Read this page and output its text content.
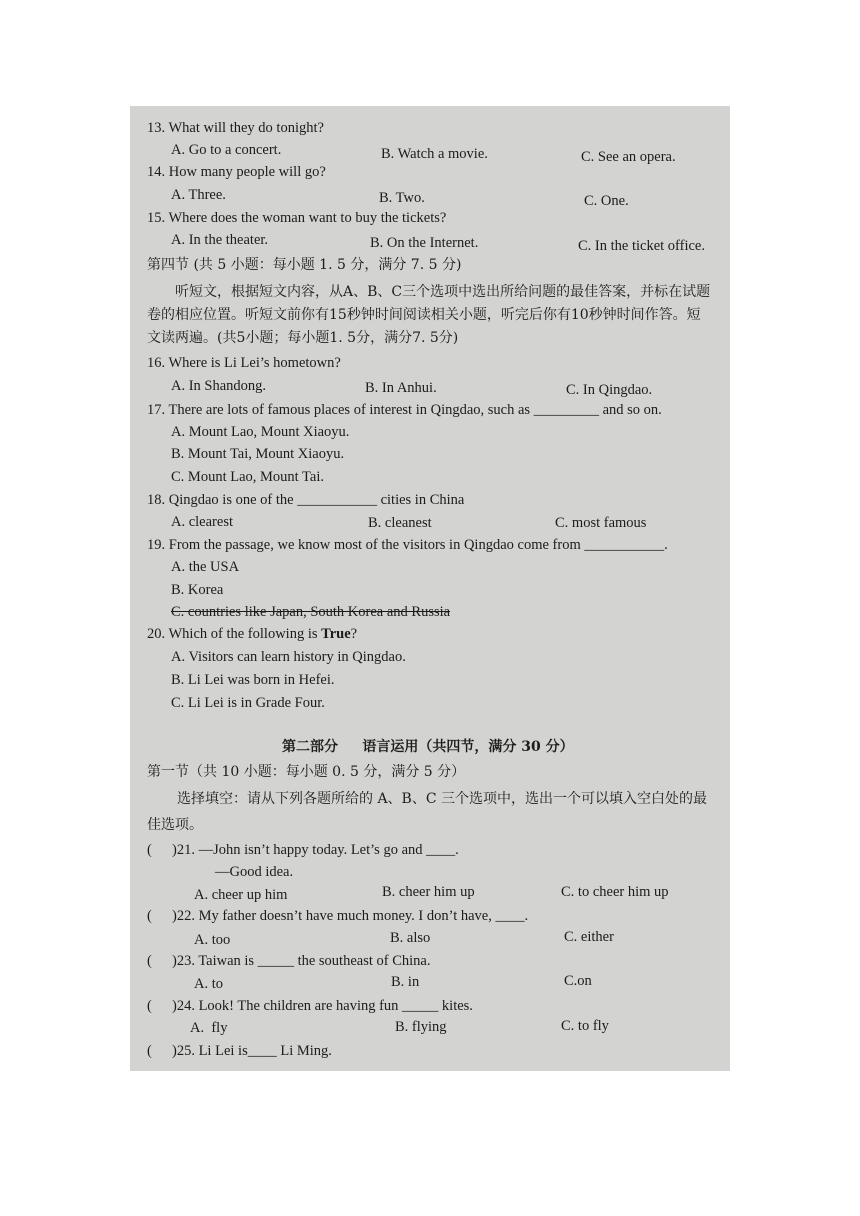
13. What will they do tonight?
A. Go to a concert.	B. Watch a movie.	C. See an opera.
14. How many people will go?
A. Three.	B. Two.	C. One.
15. Where does the woman want to buy the tickets?
A. In the theater.	B. On the Internet.	C. In the ticket office.
第四节 (共 5 小题：每小题 1. 5 分，满分 7. 5 分)
听短文，根据短文内容，从A、B、C三个选项中选出所给问题的最佳答案，并标在试题卷的相应位置。听短文前你有15秒钟时间阅读相关小题，听完后你有10秒钟时间作答。短文读两遍。(共5小题；每小题1. 5分，满分7. 5分)
16. Where is Li Lei’s hometown?
A. In Shandong.	B. In Anhui.	C. In Qingdao.
17. There are lots of famous places of interest in Qingdao, such as _________ and so on.
A. Mount Lao, Mount Xiaoyu.
B. Mount Tai, Mount Xiaoyu.
C. Mount Lao, Mount Tai.
18. Qingdao is one of the ___________ cities in China
A. clearest	B. cleanest	C. most famous
19. From the passage, we know most of the visitors in Qingdao come from ___________.
A. the USA
B. Korea
C. countries like Japan, South Korea and Russia
20. Which of the following is True?
A. Visitors can learn history in Qingdao.
B. Li Lei was born in Hefei.
C. Li Lei is in Grade Four.
第二部分     语言运用（共四节，满分 30 分）
第一节（共 10 小题：每小题 0. 5 分，满分 5 分）
选择填空：请从下列各题所给的 A、B、C 三个选项中，选出一个可以填入空白处的最佳选项。
( )21. —John isn’t happy today. Let’s go and ____.
—Good idea.
A. cheer up him	B. cheer him up	C. to cheer him up
( )22. My father doesn’t have much money. I don’t have, ____.
A. too	B. also	C. either
( )23. Taiwan is _____ the southeast of China.
A. to	B. in	C.on
( )24. Look! The children are having fun _____ kites.
A.  fly	B. flying	C. to fly
( )25. Li Lei is____ Li Ming.
